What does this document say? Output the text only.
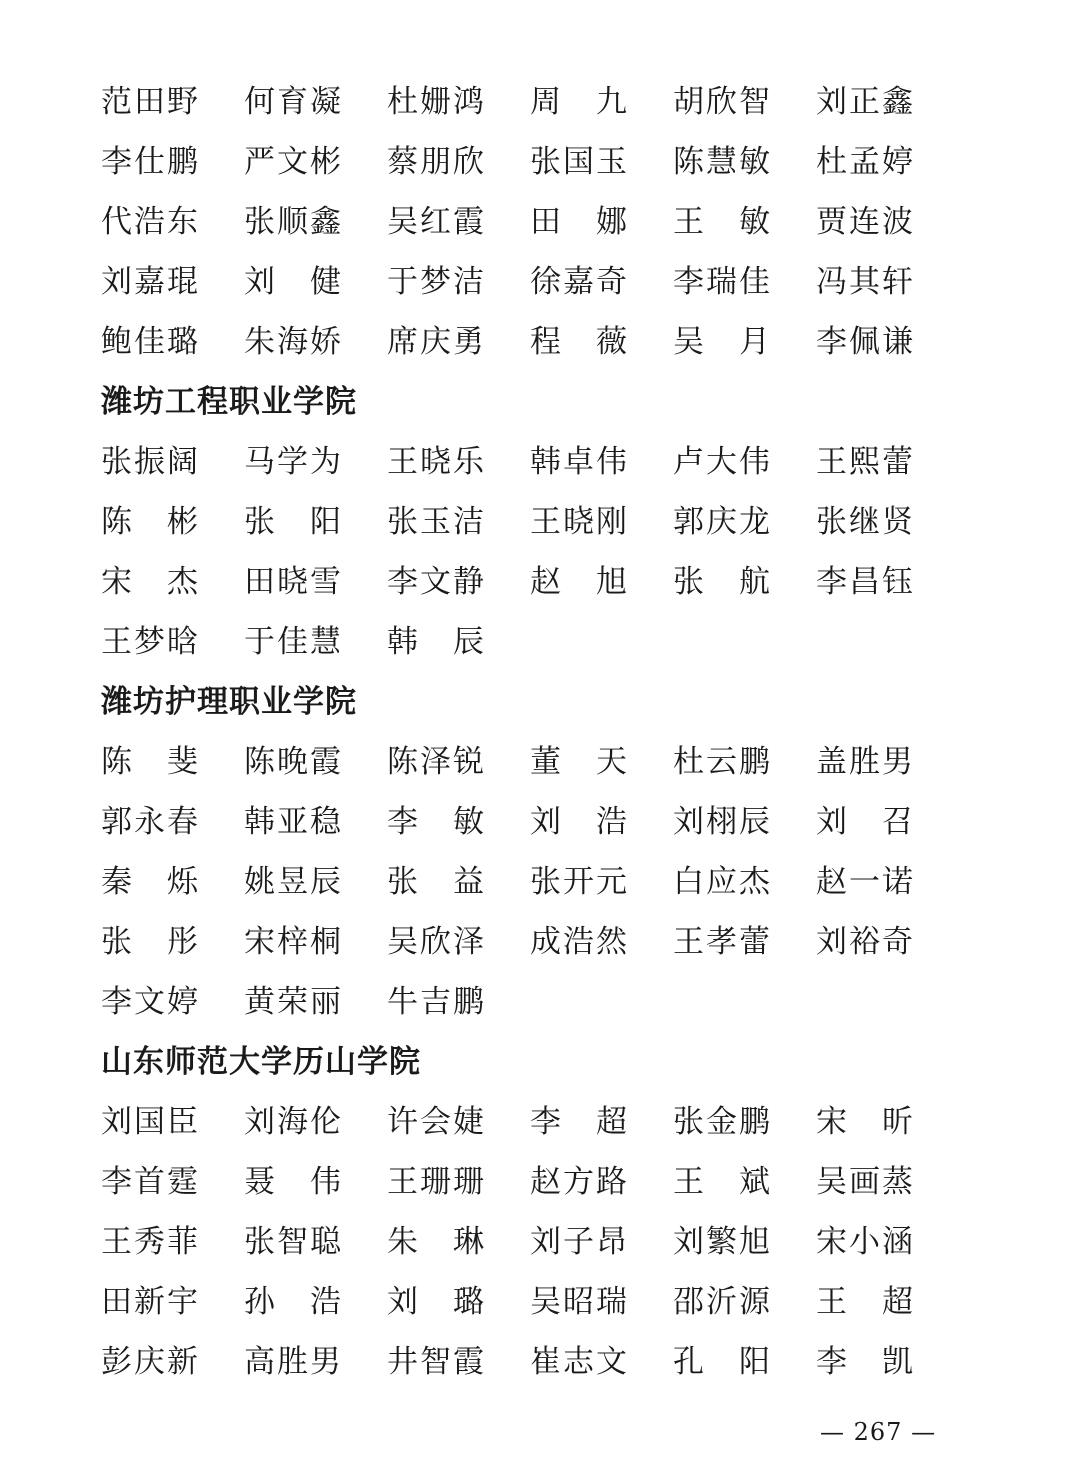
范田野	何育凝	杜姗鸿	周　九	胡欣智	刘正鑫
李仕鹏	严文彬	蔡朋欣	张国玉	陈慧敏	杜孟婷
代浩东	张顺鑫	吴红霞	田　娜	王　敏	贾连波
刘嘉琨	刘　健	于梦洁	徐嘉奇	李瑞佳	冯其轩
鲍佳璐	朱海娇	席庆勇	程　薇	吴　月	李佩谦
潍坊工程职业学院
张振阔	马学为	王晓乐	韩卓伟	卢大伟	王熙蕾
陈　彬	张　阳	张玉洁	王晓刚	郭庆龙	张继贤
宋　杰	田晓雪	李文静	赵　旭	张　航	李昌钰
王梦晗	于佳慧	韩　辰
潍坊护理职业学院
陈　斐	陈晚霞	陈泽锐	董　天	杜云鹏	盖胜男
郭永春	韩亚稳	李　敏	刘　浩	刘栩辰	刘　召
秦　烁	姚昱辰	张　益	张开元	白应杰	赵一诺
张　彤	宋梓桐	吴欣泽	成浩然	王孝蕾	刘裕奇
李文婷	黄荣丽	牛吉鹏
山东师范大学历山学院
刘国臣	刘海伦	许会婕	李　超	张金鹏	宋　昕
李首霆	聂　伟	王珊珊	赵方路	王　斌	吴画蒸
王秀菲	张智聪	朱　琳	刘子昂	刘繁旭	宋小涵
田新宇	孙　浩	刘　璐	吴昭瑞	邵沂源	王　超
彭庆新	高胜男	井智霞	崔志文	孔　阳	李　凯
— 267 —
